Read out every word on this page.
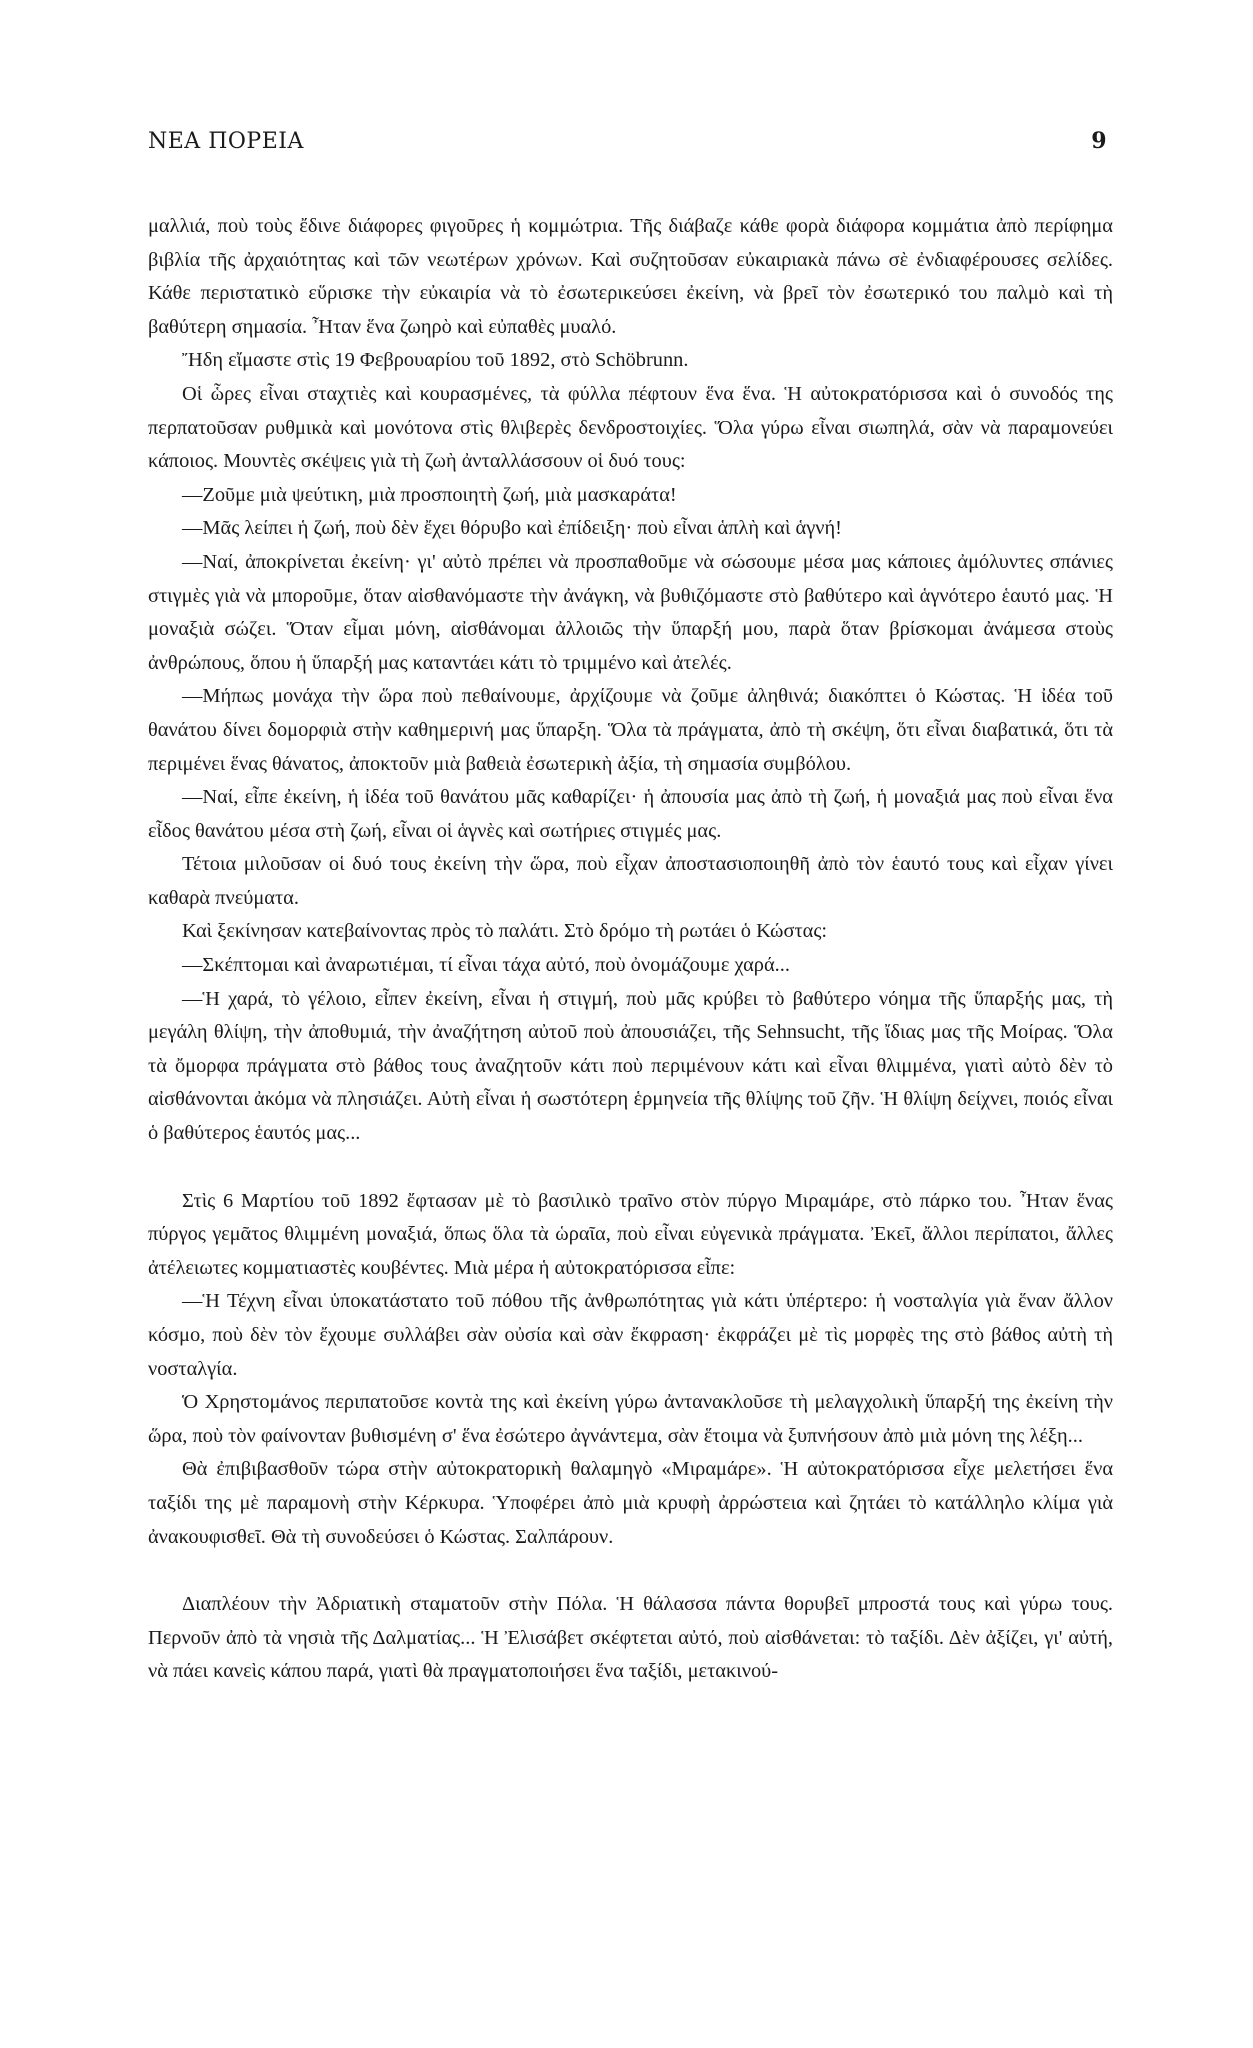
ΝΕΑ ΠΟΡΕΙΑ	9

μαλλιά, ποὺ τοὺς ἔδινε διάφορες φιγοῦρες ἡ κομμώτρια. Τῆς διάβαζε κάθε φορὰ διάφορα κομμάτια ἀπὸ περίφημα βιβλία τῆς ἀρχαιότητας καὶ τῶν νεωτέρων χρόνων. Καὶ συζητοῦσαν εὐκαιριακὰ πάνω σὲ ἐνδιαφέρουσες σελίδες. Κάθε περιστατικὸ εὕρισκε τὴν εὐκαιρία νὰ τὸ ἐσωτερικεύσει ἐκείνη, νὰ βρεῖ τὸν ἐσωτερικό του παλμὸ καὶ τὴ βαθύτερη σημασία. Ἦταν ἕνα ζωηρὸ καὶ εὐπαθὲς μυαλό.

Ἤδη εἴμαστε στὶς 19 Φεβρουαρίου τοῦ 1892, στὸ Schöbrunn.

Οἱ ὧρες εἶναι σταχτιὲς καὶ κουρασμένες, τὰ φύλλα πέφτουν ἕνα ἕνα. Ἡ αὐτοκρατόρισσα καὶ ὁ συνοδός της περπατοῦσαν ρυθμικὰ καὶ μονότονα στὶς θλιβερὲς δενδροστοιχίες. Ὅλα γύρω εἶναι σιωπηλά, σὰν νὰ παραμονεύει κάποιος. Μουντὲς σκέψεις γιὰ τὴ ζωὴ ἀνταλλάσσουν οἱ δυό τους:

—Ζοῦμε μιὰ ψεύτικη, μιὰ προσποιητὴ ζωή, μιὰ μασκαράτα!

—Μᾶς λείπει ἡ ζωή, ποὺ δὲν ἔχει θόρυβο καὶ ἐπίδειξη· ποὺ εἶναι ἁπλὴ καὶ ἁγνή!

—Ναί, ἀποκρίνεται ἐκείνη· γι' αὐτὸ πρέπει νὰ προσπαθοῦμε νὰ σώσουμε μέσα μας κάποιες ἀμόλυντες σπάνιες στιγμὲς γιὰ νὰ μποροῦμε, ὅταν αἰσθανόμαστε τὴν ἀνάγκη, νὰ βυθιζόμαστε στὸ βαθύτερο καὶ ἁγνότερο ἑαυτό μας. Ἡ μοναξιὰ σώζει. Ὅταν εἶμαι μόνη, αἰσθάνομαι ἀλλοιῶς τὴν ὕπαρξή μου, παρὰ ὅταν βρίσκομαι ἀνάμεσα στοὺς ἀνθρώπους, ὅπου ἡ ὕπαρξή μας καταντάει κάτι τὸ τριμμένο καὶ ἀτελές.

—Μήπως μονάχα τὴν ὥρα ποὺ πεθαίνουμε, ἀρχίζουμε νὰ ζοῦμε ἀληθινά; διακόπτει ὁ Κώστας. Ἡ ἰδέα τοῦ θανάτου δίνει δομορφιὰ στὴν καθημερινή μας ὕπαρξη. Ὅλα τὰ πράγματα, ἀπὸ τὴ σκέψη, ὅτι εἶναι διαβατικά, ὅτι τὰ περιμένει ἕνας θάνατος, ἀποκτοῦν μιὰ βαθειὰ ἐσωτερικὴ ἀξία, τὴ σημασία συμβόλου.

—Ναί, εἶπε ἐκείνη, ἡ ἰδέα τοῦ θανάτου μᾶς καθαρίζει· ἡ ἀπουσία μας ἀπὸ τὴ ζωή, ἡ μοναξιά μας ποὺ εἶναι ἕνα εἶδος θανάτου μέσα στὴ ζωή, εἶναι οἱ ἁγνὲς καὶ σωτήριες στιγμές μας.

Τέτοια μιλοῦσαν οἱ δυό τους ἐκείνη τὴν ὥρα, ποὺ εἶχαν ἀποστασιοποιηθῆ ἀπὸ τὸν ἑαυτό τους καὶ εἶχαν γίνει καθαρὰ πνεύματα.

Καὶ ξεκίνησαν κατεβαίνοντας πρὸς τὸ παλάτι. Στὸ δρόμο τὴ ρωτάει ὁ Κώστας:

—Σκέπτομαι καὶ ἀναρωτιέμαι, τί εἶναι τάχα αὐτό, ποὺ ὀνομάζουμε χαρά...

—Ἡ χαρά, τὸ γέλοιο, εἶπεν ἐκείνη, εἶναι ἡ στιγμή, ποὺ μᾶς κρύβει τὸ βαθύτερο νόημα τῆς ὕπαρξής μας, τὴ μεγάλη θλίψη, τὴν ἀποθυμιά, τὴν ἀναζήτηση αὐτοῦ ποὺ ἀπουσιάζει, τῆς Sehnsucht, τῆς ἴδιας μας τῆς Μοίρας. Ὅλα τὰ ὄμορφα πράγματα στὸ βάθος τους ἀναζητοῦν κάτι ποὺ περιμένουν κάτι καὶ εἶναι θλιμμένα, γιατὶ αὐτὸ δὲν τὸ αἰσθάνονται ἀκόμα νὰ πλησιάζει. Αὐτὴ εἶναι ἡ σωστότερη ἑρμηνεία τῆς θλίψης τοῦ ζῆν. Ἡ θλίψη δείχνει, ποιός εἶναι ὁ βαθύτερος ἑαυτός μας...

Στὶς 6 Μαρτίου τοῦ 1892 ἔφτασαν μὲ τὸ βασιλικὸ τραῖνο στὸν πύργο Μιραμάρε, στὸ πάρκο του. Ἦταν ἕνας πύργος γεμᾶτος θλιμμένη μοναξιά, ὅπως ὅλα τὰ ὡραῖα, ποὺ εἶναι εὐγενικὰ πράγματα. Ἐκεῖ, ἄλλοι περίπατοι, ἄλλες ἀτέλειωτες κομματιαστὲς κουβέντες. Μιὰ μέρα ἡ αὐτοκρατόρισσα εἶπε:

—Ἡ Τέχνη εἶναι ὑποκατάστατο τοῦ πόθου τῆς ἀνθρωπότητας γιὰ κάτι ὑπέρτερο: ἡ νοσταλγία γιὰ ἕναν ἄλλον κόσμο, ποὺ δὲν τὸν ἔχουμε συλλάβει σὰν οὐσία καὶ σὰν ἔκφραση· ἐκφράζει μὲ τὶς μορφὲς της στὸ βάθος αὐτὴ τὴ νοσταλγία.

Ὁ Χρηστομάνος περιπατοῦσε κοντὰ της καὶ ἐκείνη γύρω ἀντανακλοῦσε τὴ μελαγχολικὴ ὕπαρξή της ἐκείνη τὴν ὥρα, ποὺ τὸν φαίνονταν βυθισμένη σ' ἕνα ἐσώτερο ἀγνάντεμα, σὰν ἕτοιμα νὰ ξυπνήσουν ἀπὸ μιὰ μόνη της λέξη...

Θὰ ἐπιβιβασθοῦν τώρα στὴν αὐτοκρατορικὴ θαλαμηγὸ «Μιραμάρε». Ἡ αὐτοκρατόρισσα εἶχε μελετήσει ἕνα ταξίδι της μὲ παραμονὴ στὴν Κέρκυρα. Ὑποφέρει ἀπὸ μιὰ κρυφὴ ἀρρώστεια καὶ ζητάει τὸ κατάλληλο κλίμα γιὰ ἀνακουφισθεῖ. Θὰ τὴ συνοδεύσει ὁ Κώστας. Σαλπάρουν.

Διαπλέουν τὴν Ἀδριατικὴ σταματοῦν στὴν Πόλα. Ἡ θάλασσα πάντα θορυβεῖ μπροστά τους καὶ γύρω τους. Περνοῦν ἀπὸ τὰ νησιὰ τῆς Δαλματίας... Ἡ Ἐλισάβετ σκέφτεται αὐτό, ποὺ αἰσθάνεται: τὸ ταξίδι. Δὲν ἀξίζει, γι' αὐτή, νὰ πάει κανεὶς κάπου παρά, γιατὶ θὰ πραγματοποιήσει ἕνα ταξίδι, μετακινού-
